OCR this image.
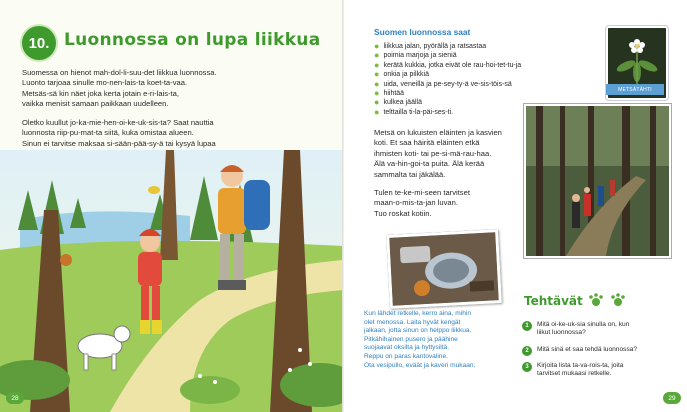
10. Luonnossa on lupa liikkua
Suomessa on hienot mah-dol-li-suu-det liikkua luonnossa.
Luonto tarjoaa sinulle mo-nen-lais-ta koet-ta-vaa.
Metsäs-sä kin näet joka kerta jotain e-ri-lais-ta,
vaikka menisit samaan paikkaan uudelleen.
Oletko kuullut jo-ka-mie-hen-oi-ke-uk-sis-ta? Saat nauttia
luonnosta riip-pu-mat-ta siitä, kuka omistaa alueen.
Sinun ei tarvitse maksaa si-sään-pää-sy-ä tai kysyä lupaa
28
Suomen luonnossa saat
● liikkua jalan, pyörällä ja ratsastaa
● poimia marjoja ja sieniä
● kerätä kukkia, jotka eivät ole rau-hoi-tet-tu-ja
● onkia ja pilkkiä
● uida, veneillä ja pe-sey-ty-ä ve-sis-töis-sä
● hiihtää
● kulkea jäällä
● telttailla ti-la-päi-ses-ti.
Metsä on lukuisten eläinten ja kasvien
koti. Et saa häiritä eläinten etkä
ihmisten koti- tai pe-si-mä-rau-haa.
Älä va-hin-goi-ta puita. Älä kerää
sammalta tai jäkälää.
Tulen te-ke-mi-seen tarvitset
maan-o-mis-ta-jan luvan.
Tuo roskat kotiin.
METSÄTÄHTI
Kun lähdet retkelle, kerro aina, mihin
olet menossa. Laita hyvät kengät
jalkaan, jotta sinun on helppo liikkua.
Pitkähihainen pusero ja päähine
suojaavat oksilta ja hyttysiltä.
Reppu on paras kantovaline.
Ota vesipullo, eväät ja kaveri mukaan.
Tehtävät
1	Mitä oi-ke-uk-sia sinulla on, kun
liikut luonnossa?
2	Mitä sinä et saa tehdä luonnossa?
3	Kirjoita lista ta-va-rois-ta, joita
tarvitset mukaasi retkelle.
29
